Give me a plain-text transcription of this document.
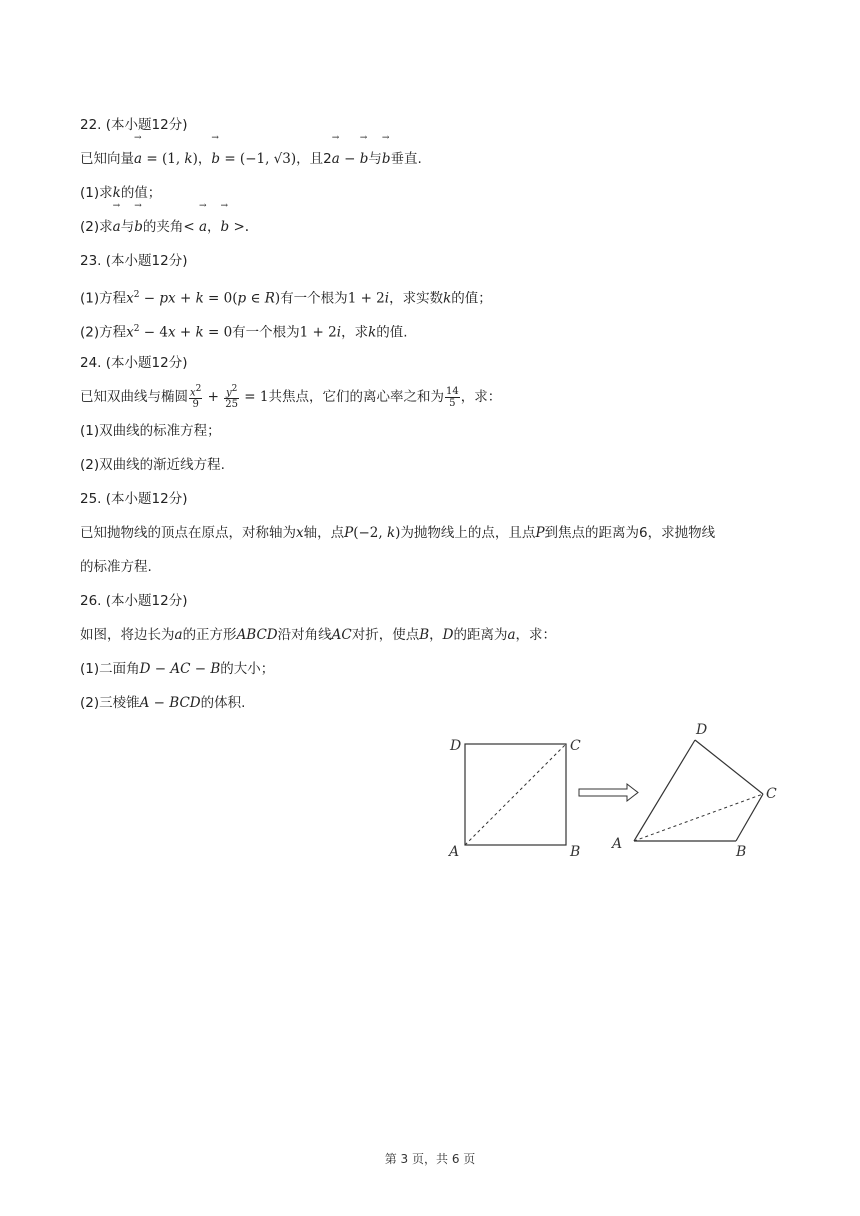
22. (本小题12分)
已知向量→ a = (1, k)，→ b = (−1, √3)，且2→ a − → b与→ b垂直.
(1)求k的值；
(2)求→ a与→ b的夹角< → a，→ b >.
23. (本小题12分)
(1)方程$x^2$ − px + k = 0(p ∈ R)有一个根为1 + 2i，求实数k的值；
(2)方程$x^2 - 4x + k = 0$有一个根为1 + 2i，求k的值.
24. (本小题12分)
已知双曲线与椭圆 $\frac{x^2}{9} + \frac{y^2}{25} = 1$共焦点，它们的离心率之和为 $\frac{14}{5}$ ，求：
(1)双曲线的标准方程；
(2)双曲线的渐近线方程.
25. (本小题12分)
已知抛物线的顶点在原点，对称轴为x轴，点P(−2, k)为抛物线上的点，且点P到焦点的距离为6，求抛物线
的标准方程.
26. (本小题12分)
如图，将边长为a的正方形ABCD沿对角线AC对折，使点B，D的距离为a，求：
(1)二面角D − AC − B的大小；
(2)三棱锥A − BCD的体积.
D	C
A	B
D
C
A	B
第 3 页，共 6 页
